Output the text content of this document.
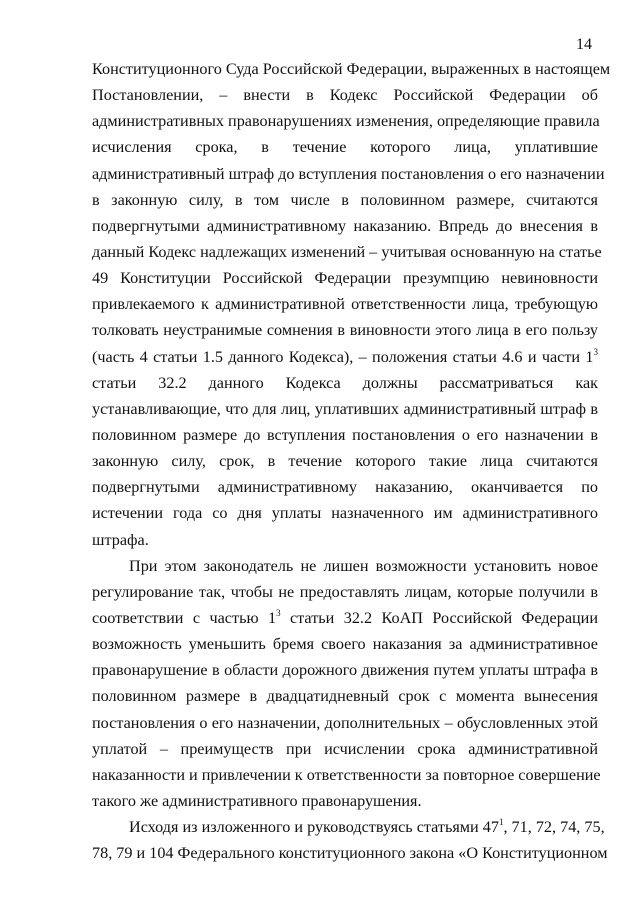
14
Конституционного Суда Российской Федерации, выраженных в настоящем
Постановлении, – внести в Кодекс Российской Федерации об
административных правонарушениях изменения, определяющие правила
исчисления срока, в течение которого лица, уплатившие
административный штраф до вступления постановления о его назначении
в законную силу, в том числе в половинном размере, считаются
подвергнутыми административному наказанию. Впредь до внесения в
данный Кодекс надлежащих изменений – учитывая основанную на статье
49 Конституции Российской Федерации презумпцию невиновности
привлекаемого к административной ответственности лица, требующую
толковать неустранимые сомнения в виновности этого лица в его пользу
(часть 4 статьи 1.5 данного Кодекса), – положения статьи 4.6 и части $1^3$
статьи 32.2 данного Кодекса должны рассматриваться как
устанавливающие, что для лиц, уплативших административный штраф в
половинном размере до вступления постановления о его назначении в
законную силу, срок, в течение которого такие лица считаются
подвергнутыми административному наказанию, оканчивается по
истечении года со дня уплаты назначенного им административного
штрафа.
При этом законодатель не лишен возможности установить новое
регулирование так, чтобы не предоставлять лицам, которые получили в
соответствии с частью $1^3$ статьи 32.2 КоАП Российской Федерации
возможность уменьшить бремя своего наказания за административное
правонарушение в области дорожного движения путем уплаты штрафа в
половинном размере в двадцатидневный срок с момента вынесения
постановления о его назначении, дополнительных – обусловленных этой
уплатой – преимуществ при исчислении срока административной
наказанности и привлечении к ответственности за повторное совершение
такого же административного правонарушения.
Исходя из изложенного и руководствуясь статьями $47^1$, 71, 72, 74, 75,
78, 79 и 104 Федерального конституционного закона «О Конституционном
